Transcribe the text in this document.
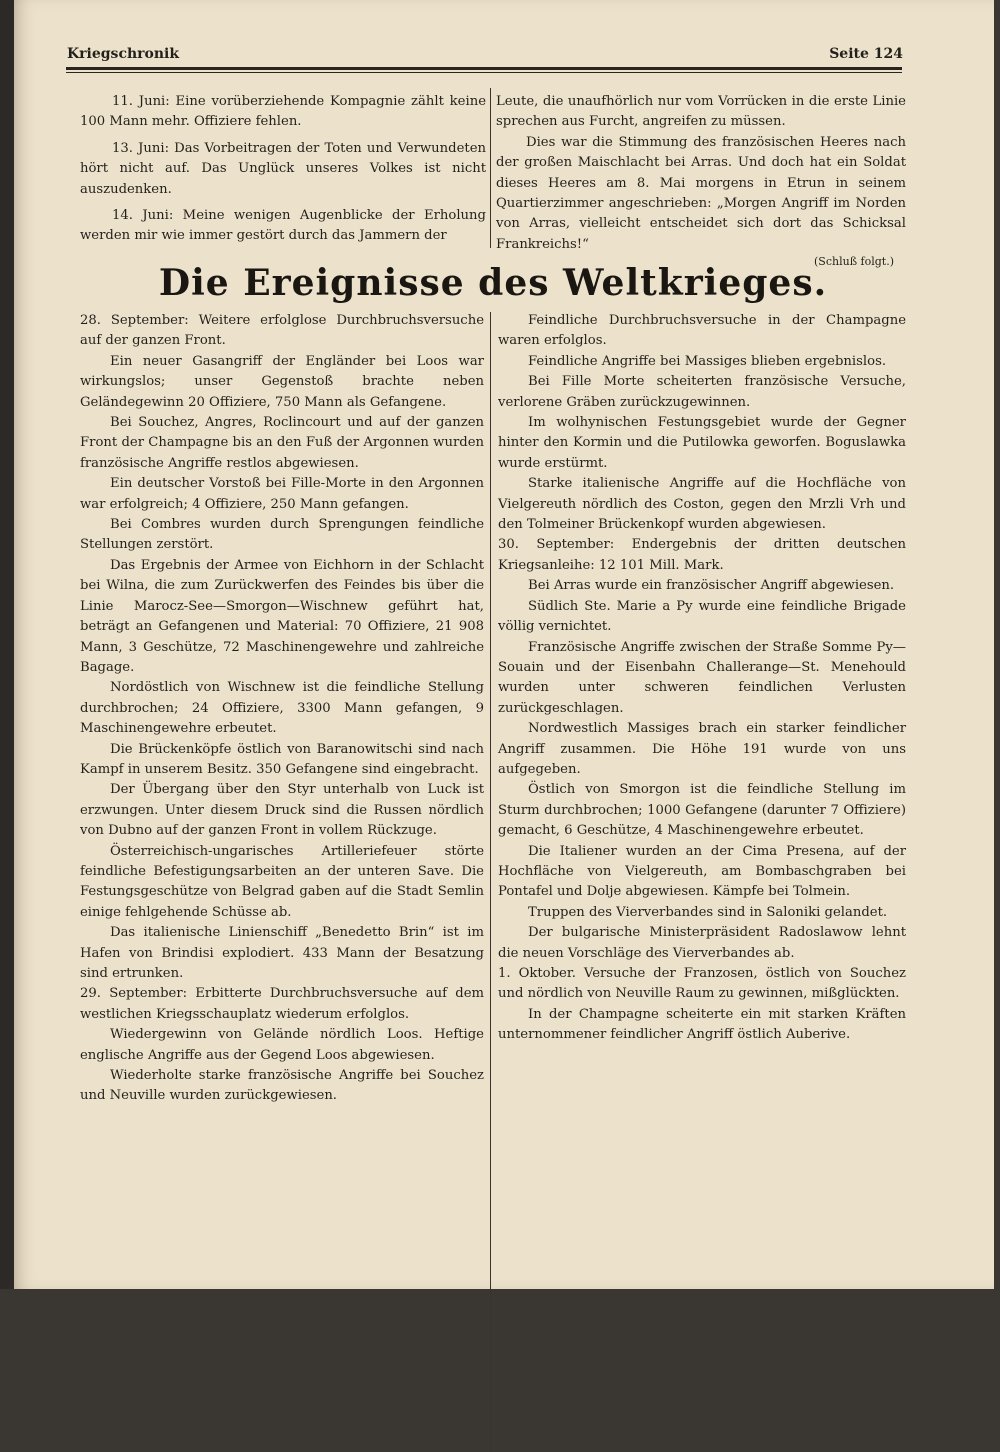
Kriegschronik	Seite 124

11. Juni: Eine vorüberziehende Kompagnie zählt keine 100 Mann mehr. Offiziere fehlen.

13. Juni: Das Vorbeitragen der Toten und Verwundeten hört nicht auf. Das Unglück unseres Volkes ist nicht auszudenken.

14. Juni: Meine wenigen Augenblicke der Erholung werden mir wie immer gestört durch das Jammern der

Leute, die unaufhörlich nur vom Vorrücken in die erste Linie sprechen aus Furcht, angreifen zu müssen.

Dies war die Stimmung des französischen Heeres nach der großen Maischlacht bei Arras. Und doch hat ein Soldat dieses Heeres am 8. Mai morgens in Etrun in seinem Quartierzimmer angeschrieben: „Morgen Angriff im Norden von Arras, vielleicht entscheidet sich dort das Schicksal Frankreichs!“

(Schluß folgt.)

Die Ereignisse des Weltkrieges.

28. September: Weitere erfolglose Durchbruchsversuche auf der ganzen Front.

Ein neuer Gasangriff der Engländer bei Loos war wirkungslos; unser Gegenstoß brachte neben Geländegewinn 20 Offiziere, 750 Mann als Gefangene.

Bei Souchez, Angres, Roclincourt und auf der ganzen Front der Champagne bis an den Fuß der Argonnen wurden französische Angriffe restlos abgewiesen.

Ein deutscher Vorstoß bei Fille-Morte in den Argonnen war erfolgreich; 4 Offiziere, 250 Mann gefangen.

Bei Combres wurden durch Sprengungen feindliche Stellungen zerstört.

Das Ergebnis der Armee von Eichhorn in der Schlacht bei Wilna, die zum Zurückwerfen des Feindes bis über die Linie Marocz-See—Smorgon—Wischnew geführt hat, beträgt an Gefangenen und Material: 70 Offiziere, 21 908 Mann, 3 Geschütze, 72 Maschinengewehre und zahlreiche Bagage.

Nordöstlich von Wischnew ist die feindliche Stellung durchbrochen; 24 Offiziere, 3300 Mann gefangen, 9 Maschinengewehre erbeutet.

Die Brückenköpfe östlich von Baranowitschi sind nach Kampf in unserem Besitz. 350 Gefangene sind eingebracht.

Der Übergang über den Styr unterhalb von Luck ist erzwungen. Unter diesem Druck sind die Russen nördlich von Dubno auf der ganzen Front in vollem Rückzuge.

Österreichisch-ungarisches Artilleriefeuer störte feindliche Befestigungsarbeiten an der unteren Save. Die Festungsgeschütze von Belgrad gaben auf die Stadt Semlin einige fehlgehende Schüsse ab.

Das italienische Linienschiff „Benedetto Brin“ ist im Hafen von Brindisi explodiert. 433 Mann der Besatzung sind ertrunken.

29. September: Erbitterte Durchbruchsversuche auf dem westlichen Kriegsschauplatz wiederum erfolglos.

Wiedergewinn von Gelände nördlich Loos. Heftige englische Angriffe aus der Gegend Loos abgewiesen.

Wiederholte starke französische Angriffe bei Souchez und Neuville wurden zurückgewiesen.

Feindliche Durchbruchsversuche in der Champagne waren erfolglos.

Feindliche Angriffe bei Massiges blieben ergebnislos.

Bei Fille Morte scheiterten französische Versuche, verlorene Gräben zurückzugewinnen.

Im wolhynischen Festungsgebiet wurde der Gegner hinter den Kormin und die Putilowka geworfen. Boguslawka wurde erstürmt.

Starke italienische Angriffe auf die Hochfläche von Vielgereuth nördlich des Coston, gegen den Mrzli Vrh und den Tolmeiner Brückenkopf wurden abgewiesen.

30. September: Endergebnis der dritten deutschen Kriegsanleihe: 12 101 Mill. Mark.

Bei Arras wurde ein französischer Angriff abgewiesen.

Südlich Ste. Marie a Py wurde eine feindliche Brigade völlig vernichtet.

Französische Angriffe zwischen der Straße Somme Py—Souain und der Eisenbahn Challerange—St. Menehould wurden unter schweren feindlichen Verlusten zurückgeschlagen.

Nordwestlich Massiges brach ein starker feindlicher Angriff zusammen. Die Höhe 191 wurde von uns aufgegeben.

Östlich von Smorgon ist die feindliche Stellung im Sturm durchbrochen; 1000 Gefangene (darunter 7 Offiziere) gemacht, 6 Geschütze, 4 Maschinengewehre erbeutet.

Die Italiener wurden an der Cima Presena, auf der Hochfläche von Vielgereuth, am Bombaschgraben bei Pontafel und Dolje abgewiesen. Kämpfe bei Tolmein.

Truppen des Vierverbandes sind in Saloniki gelandet.

Der bulgarische Ministerpräsident Radoslawow lehnt die neuen Vorschläge des Vierverbandes ab.

1. Oktober. Versuche der Franzosen, östlich von Souchez und nördlich von Neuville Raum zu gewinnen, mißglückten.

In der Champagne scheiterte ein mit starken Kräften unternommener feindlicher Angriff östlich Auberive.
